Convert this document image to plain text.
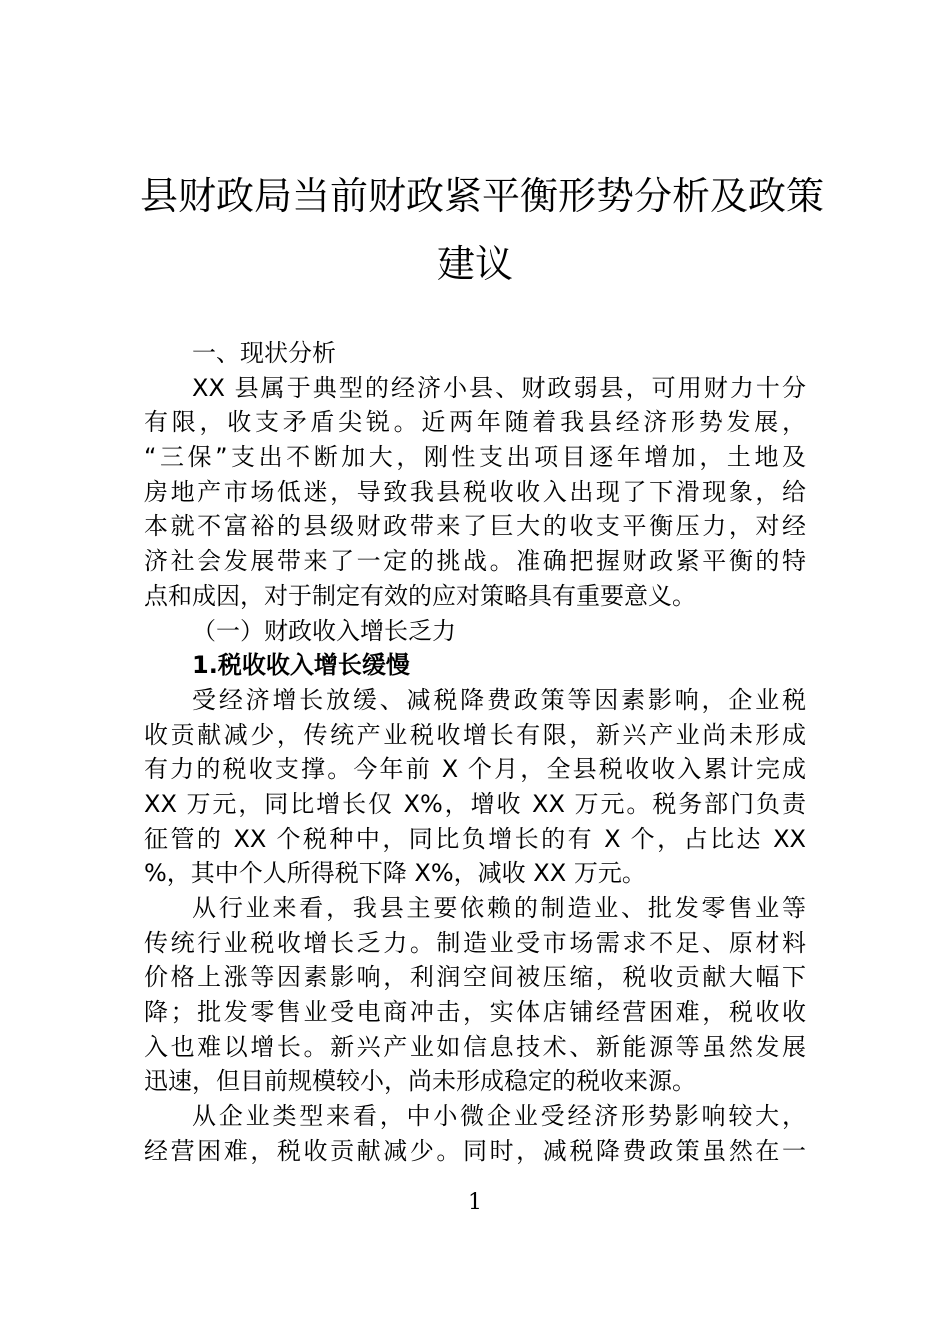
县财政局当前财政紧平衡形势分析及政策
建议
一、现状分析
XX 县属于典型的经济小县、财政弱县，可用财力十分
有限，收支矛盾尖锐。近两年随着我县经济形势发展，
“三保”支出不断加大，刚性支出项目逐年增加，土地及
房地产市场低迷，导致我县税收收入出现了下滑现象，给
本就不富裕的县级财政带来了巨大的收支平衡压力，对经
济社会发展带来了一定的挑战。准确把握财政紧平衡的特
点和成因，对于制定有效的应对策略具有重要意义。
（一）财政收入增长乏力
1.税收收入增长缓慢
受经济增长放缓、减税降费政策等因素影响，企业税
收贡献减少，传统产业税收增长有限，新兴产业尚未形成
有力的税收支撑。今年前 X 个月，全县税收收入累计完成
XX 万元，同比增长仅 X%，增收 XX 万元。税务部门负责
征管的 XX 个税种中，同比负增长的有 X 个，占比达 XX
%，其中个人所得税下降 X%，减收 XX 万元。
从行业来看，我县主要依赖的制造业、批发零售业等
传统行业税收增长乏力。制造业受市场需求不足、原材料
价格上涨等因素影响，利润空间被压缩，税收贡献大幅下
降；批发零售业受电商冲击，实体店铺经营困难，税收收
入也难以增长。新兴产业如信息技术、新能源等虽然发展
迅速，但目前规模较小，尚未形成稳定的税收来源。
从企业类型来看，中小微企业受经济形势影响较大，
经营困难，税收贡献减少。同时，减税降费政策虽然在一
1
